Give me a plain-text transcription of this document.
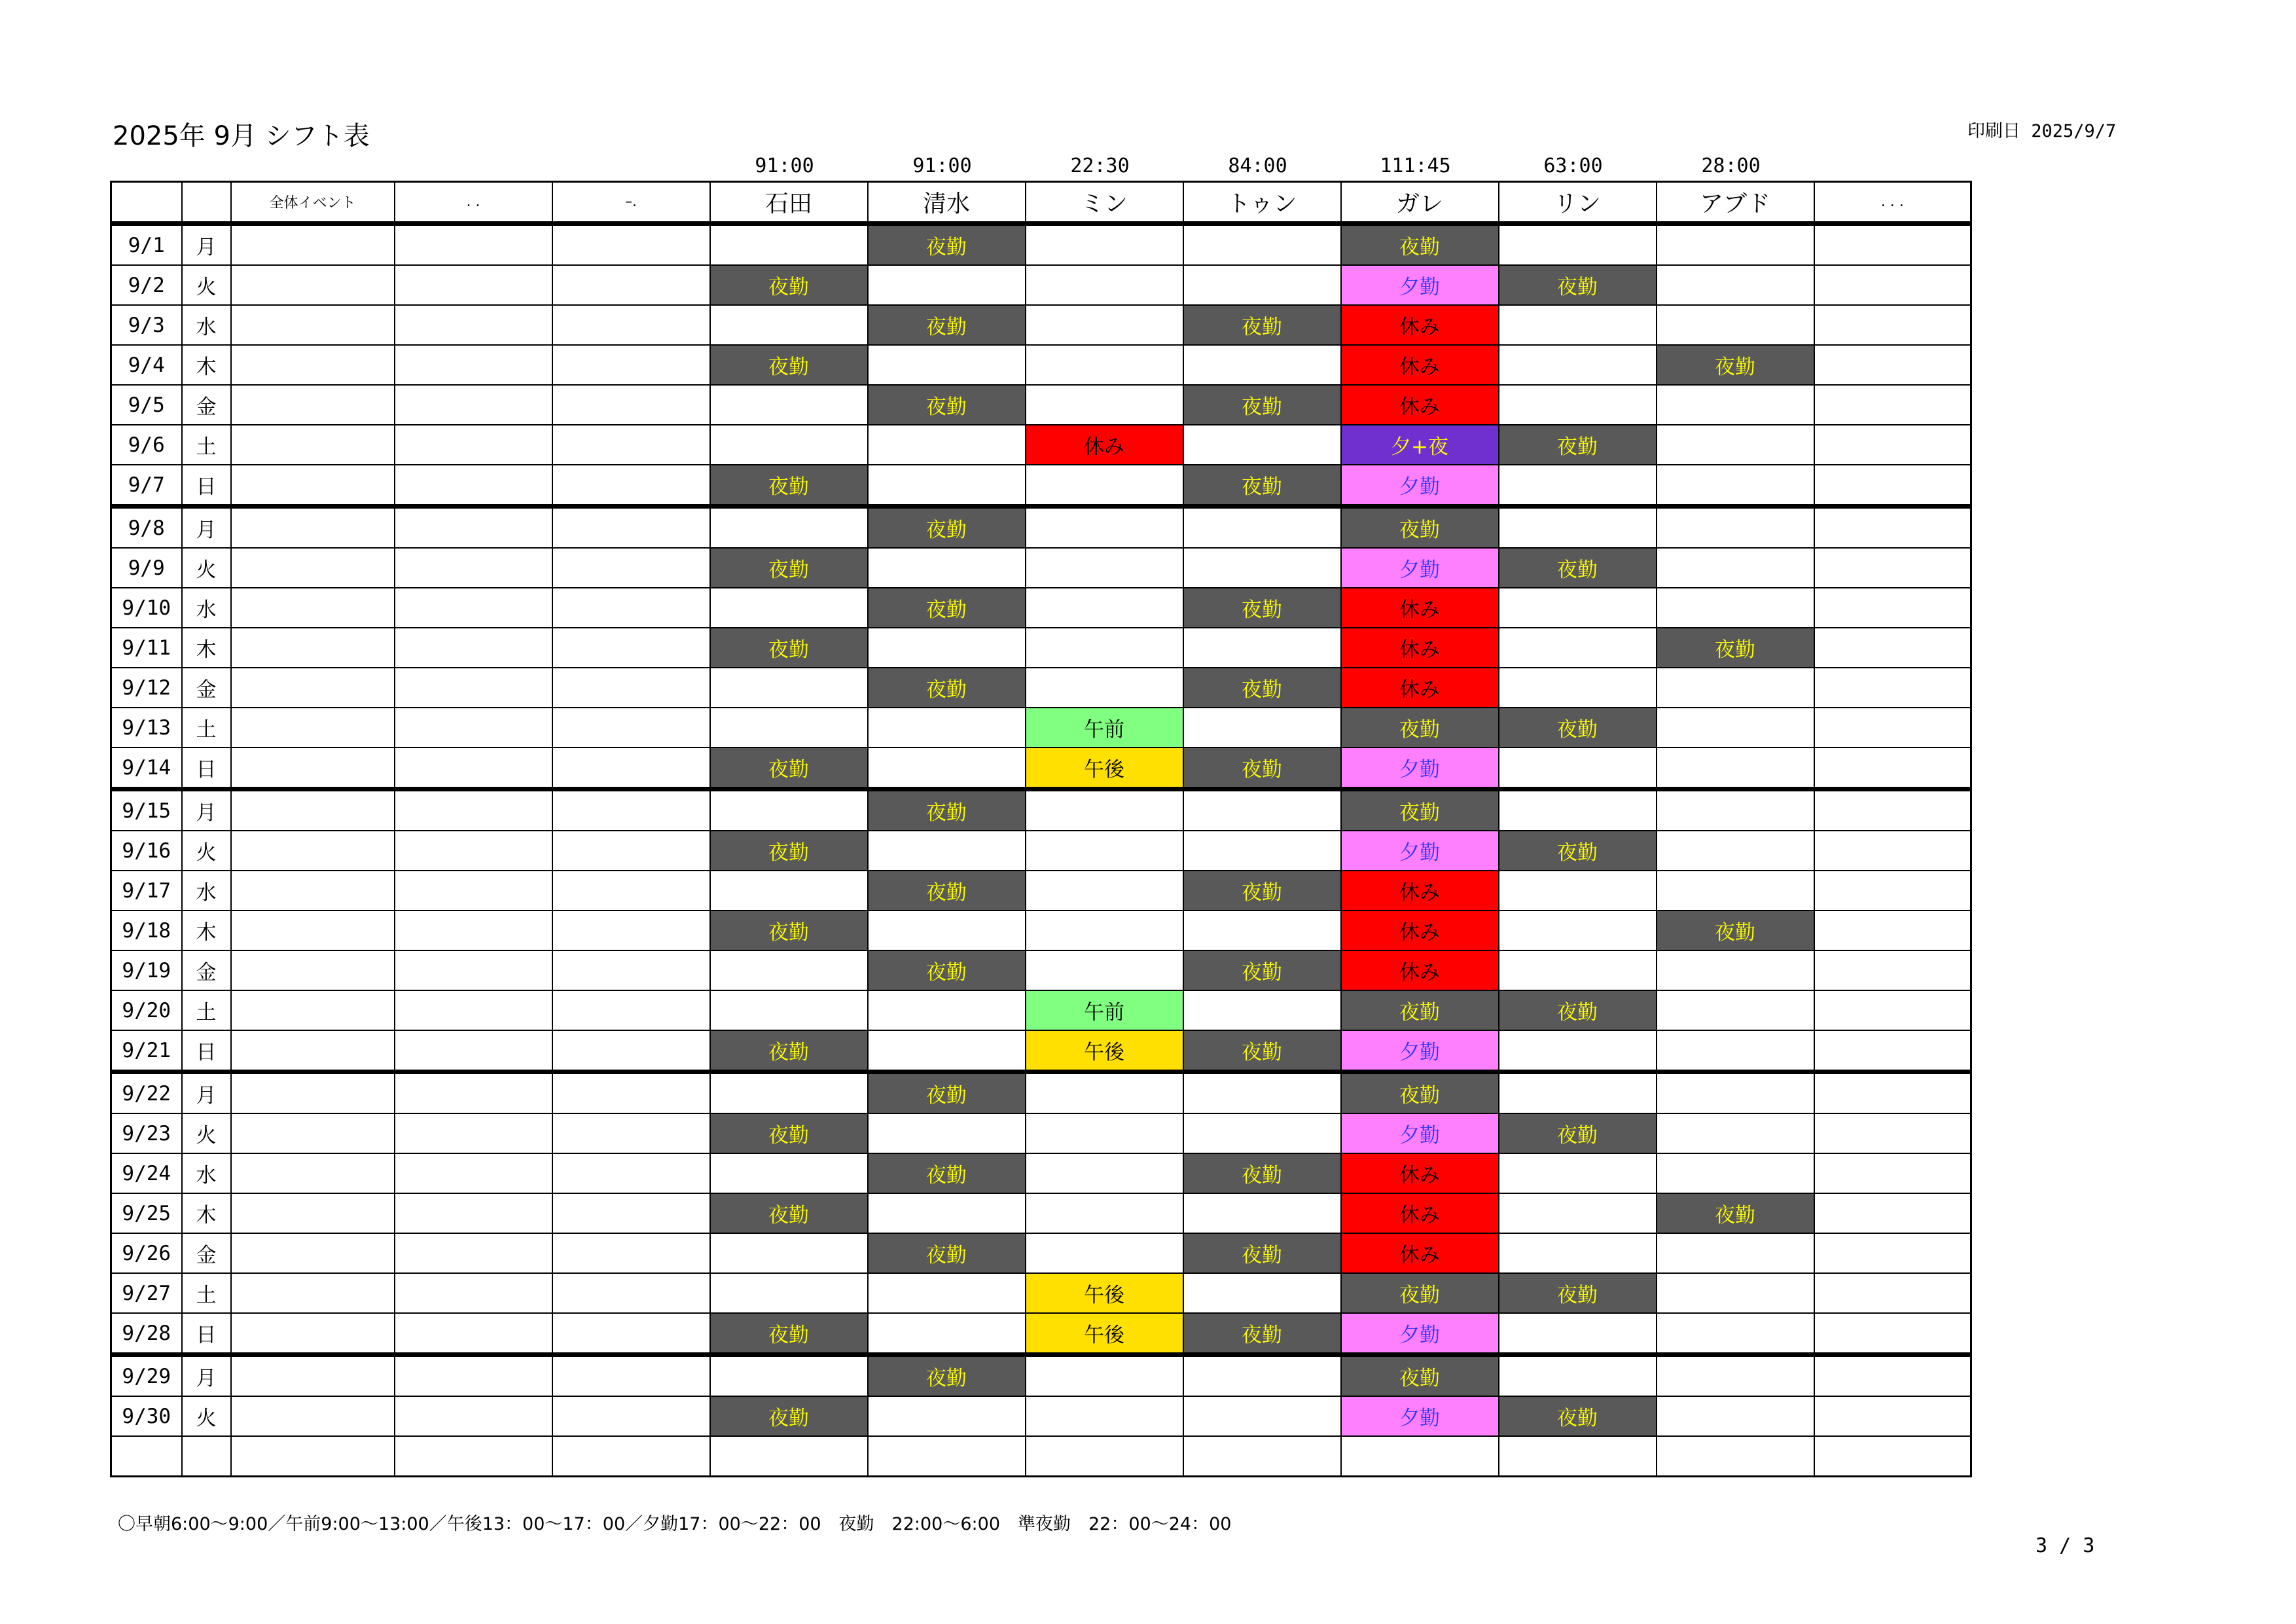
2025年 9月 シフト表	印刷日 2025/9/7
91:00	91:00	22:30	84:00	111:45	63:00	28:00
		全体イベント	. .	–.	石田	清水	ミン	トゥン	ガレ	リン	アブド	. . .
9/1	月					夜勤			夜勤			
9/2	火				夜勤				夕勤	夜勤		
9/3	水					夜勤		夜勤	休み			
9/4	木				夜勤				休み		夜勤	
9/5	金					夜勤		夜勤	休み			
9/6	土						休み		夕+夜	夜勤		
9/7	日				夜勤			夜勤	夕勤			
9/8	月					夜勤			夜勤			
9/9	火				夜勤				夕勤	夜勤		
9/10	水					夜勤		夜勤	休み			
9/11	木				夜勤				休み		夜勤	
9/12	金					夜勤		夜勤	休み			
9/13	土						午前		夜勤	夜勤		
9/14	日				夜勤		午後	夜勤	夕勤			
9/15	月					夜勤			夜勤			
9/16	火				夜勤				夕勤	夜勤		
9/17	水					夜勤		夜勤	休み			
9/18	木				夜勤				休み		夜勤	
9/19	金					夜勤		夜勤	休み			
9/20	土						午前		夜勤	夜勤		
9/21	日				夜勤		午後	夜勤	夕勤			
9/22	月					夜勤			夜勤			
9/23	火				夜勤				夕勤	夜勤		
9/24	水					夜勤		夜勤	休み			
9/25	木				夜勤				休み		夜勤	
9/26	金					夜勤		夜勤	休み			
9/27	土						午後		夜勤	夜勤		
9/28	日				夜勤		午後	夜勤	夕勤			
9/29	月					夜勤			夜勤			
9/30	火				夜勤				夕勤	夜勤		

〇早朝6:00〜9:00／午前9:00〜13:00／午後13：00〜17：00／夕勤17：00〜22：00　夜勤　22:00〜6:00　準夜勤　22：00〜24：00
3 / 3
